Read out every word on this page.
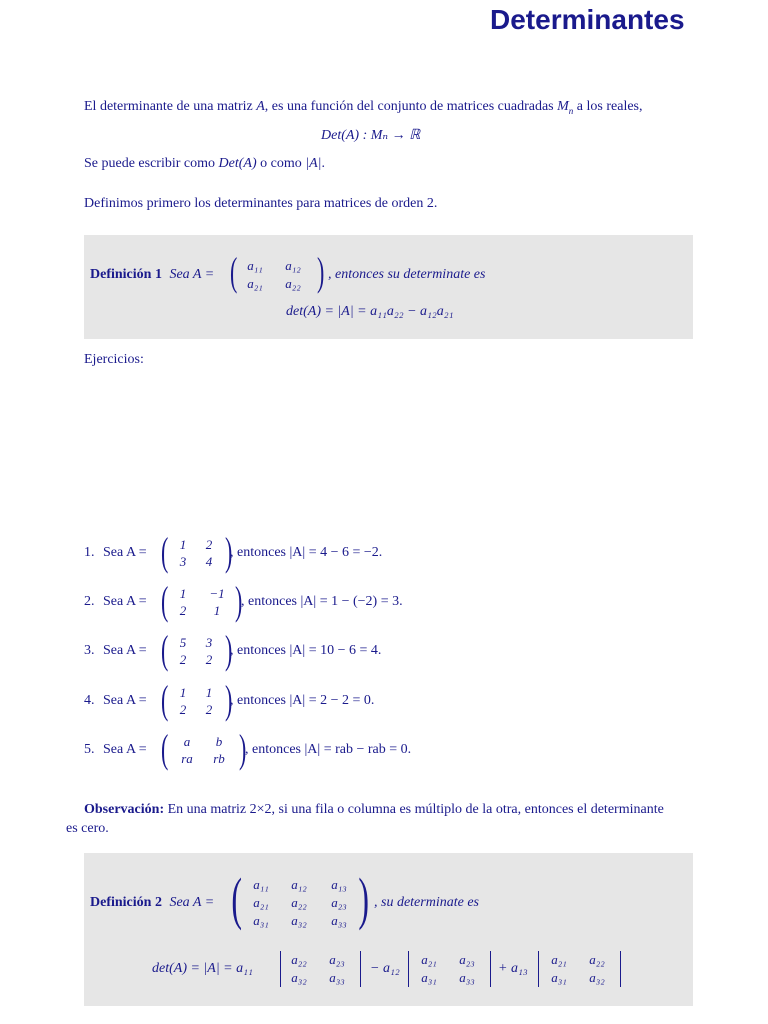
Determinantes
El determinante de una matriz A, es una función del conjunto de matrices cuadradas $M_n$ a los reales,
Det(A) : Mₙ → ℝ
Se puede escribir como Det(A) o como |A|.
Definimos primero los determinantes para matrices de orden 2.
Definición 1 Sea A = ( a₁₁	a₁₂
a₂₁	a₂₂ ) , entonces su determinate es
det(A) = |A| = a₁₁a₂₂ − a₁₂a₂₁
Ejercicios:
1. Sea A = ( 1	2
3	4 )
, entonces |A| = 4 − 6 = −2.
2. Sea A = ( 1	−1
2	1 )
, entonces |A| = 1 − (−2) = 3.
3. Sea A = ( 5	3
2	2 )
, entonces |A| = 10 − 6 = 4.
4. Sea A = ( 1	1
2	2 )
, entonces |A| = 2 − 2 = 0.
5. Sea A = (	a	b
ra	rb )
, entonces |A| = rab − rab = 0.
Observación: En una matriz 2×2, si una fila o columna es múltiplo de la otra, entonces el determinante
es cero.
Definición 2 Sea A = ( a₁₁	a₁₂	a₁₃
a₂₁	a₂₂	a₂₃
a₃₁	a₃₂	a₃₃ ) , su determinate es
det(A) = |A| = a₁₁
a₂₂	a₂₃
a₃₂	a₃₃
− a₁₂
a₂₁	a₂₃
a₃₁	a₃₃
+ a₁₃
a₂₁	a₂₂
a₃₁	a₃₂
